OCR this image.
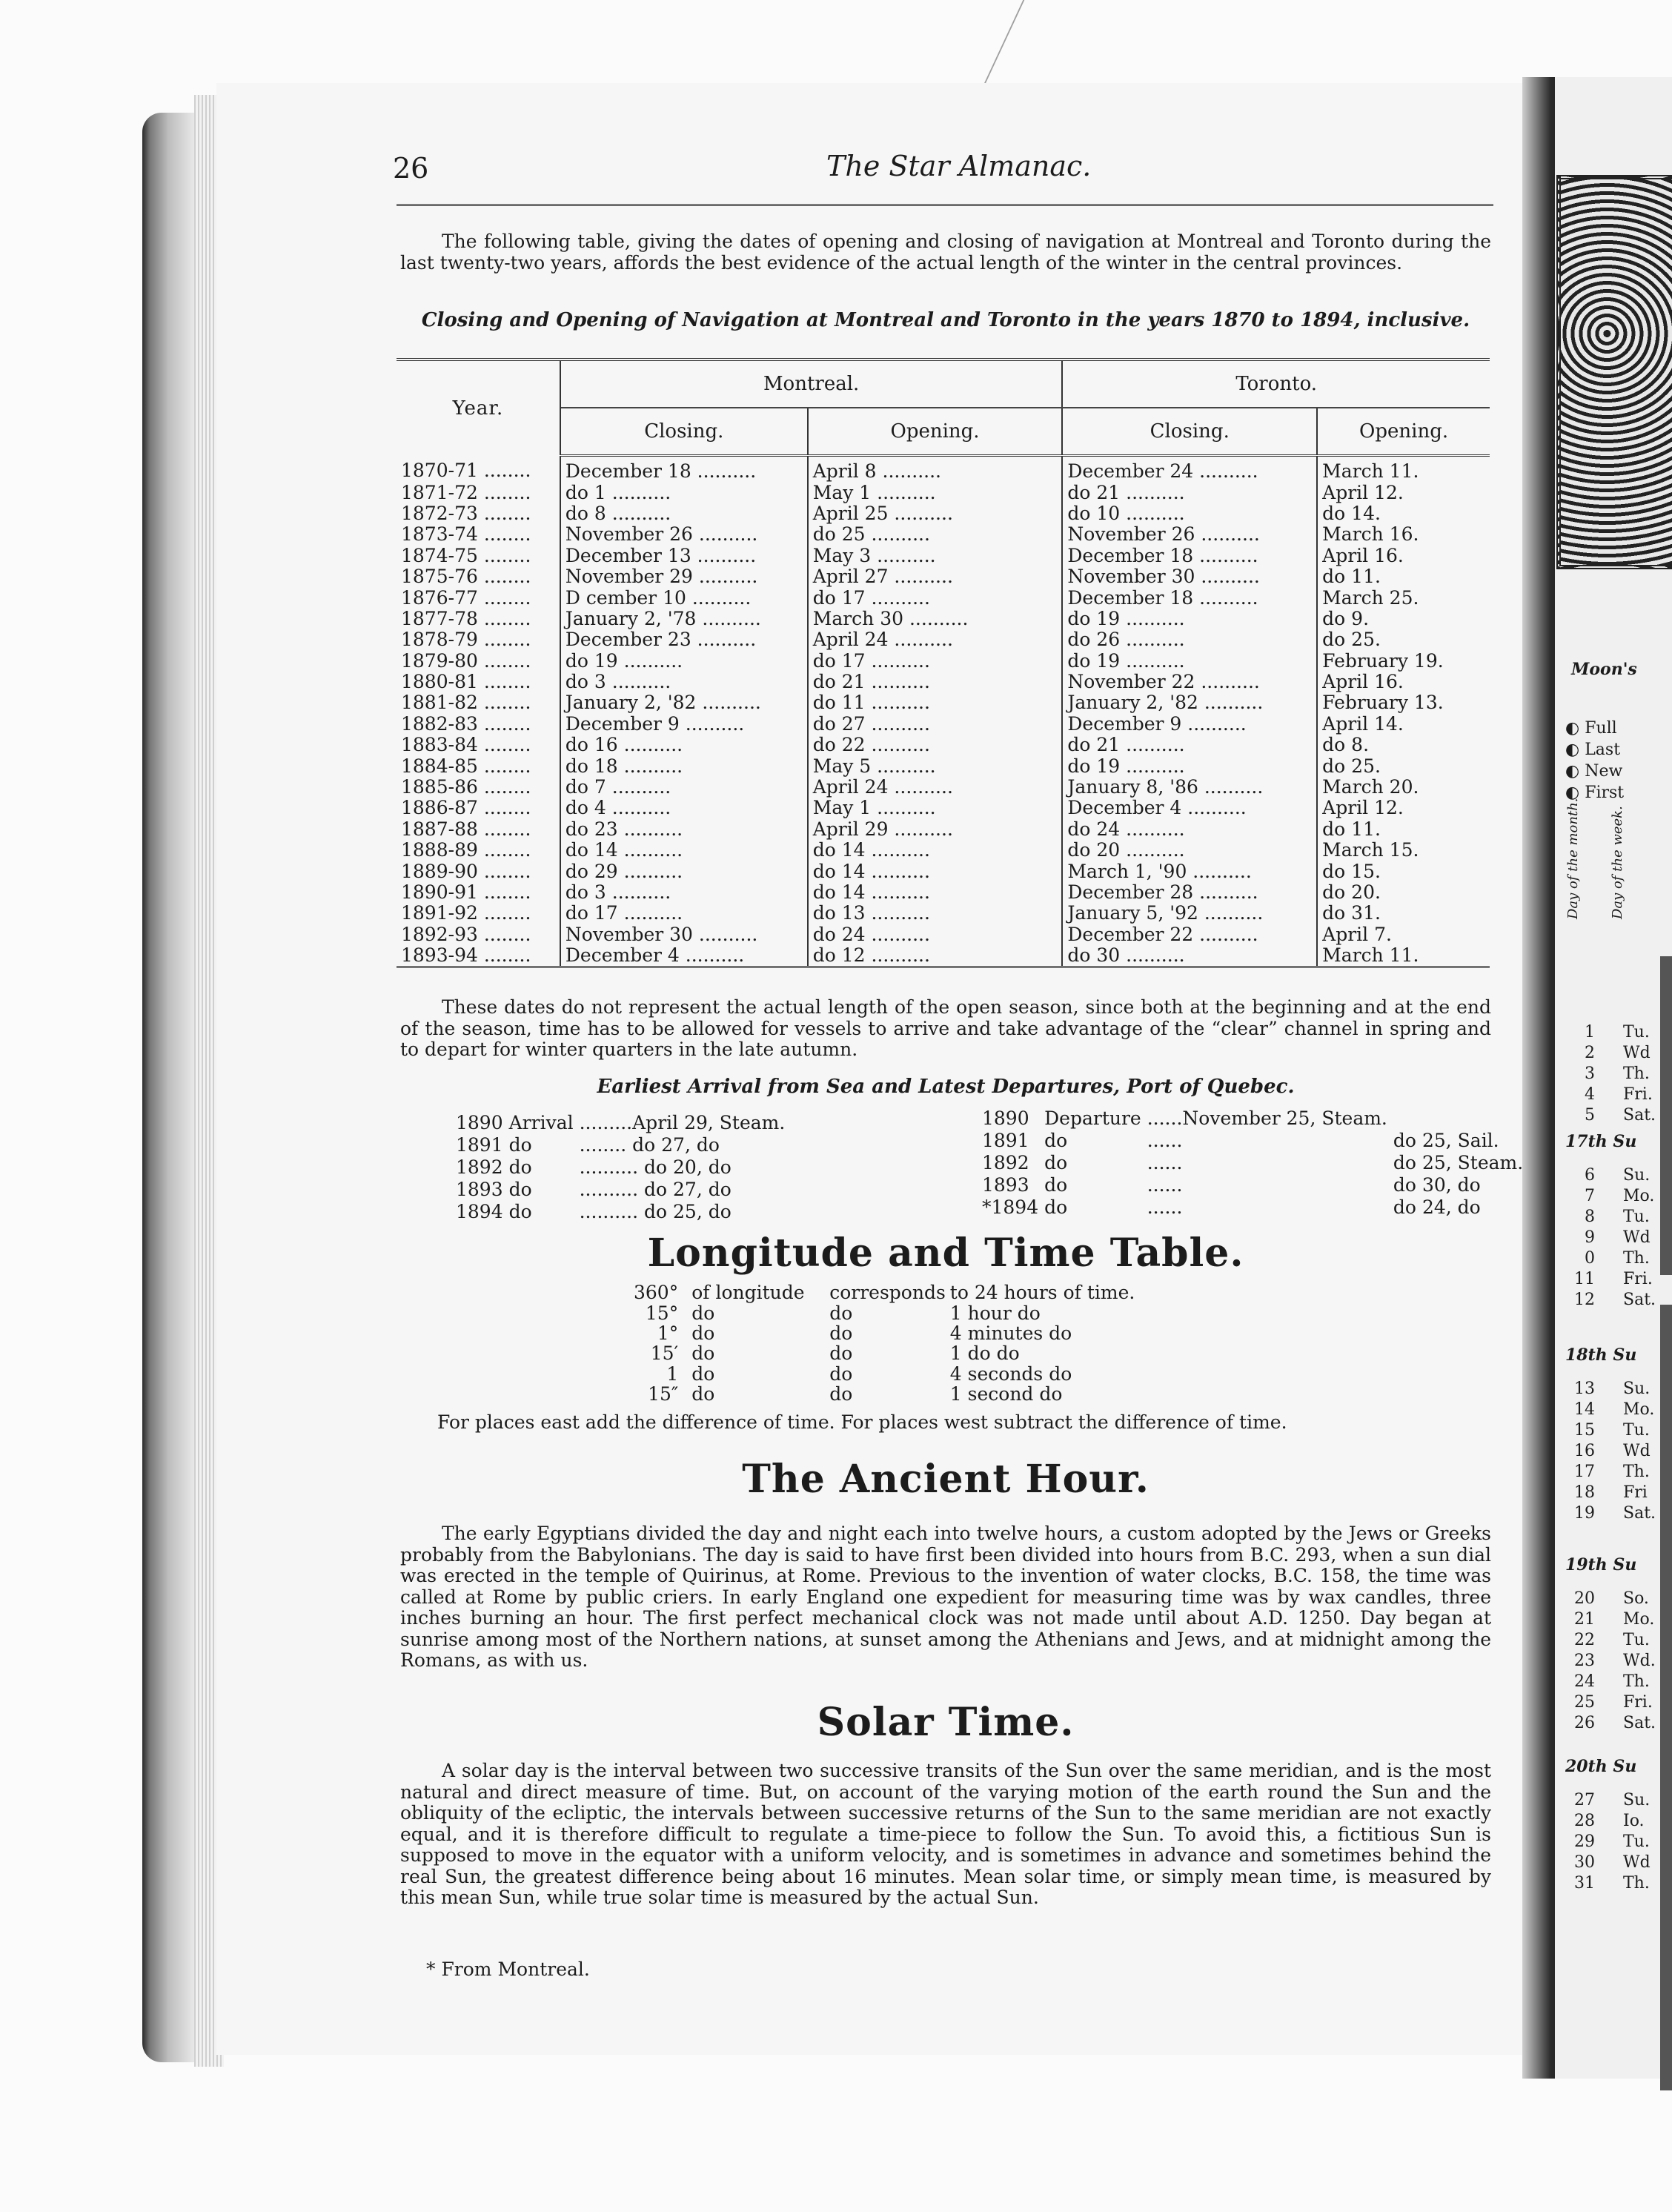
26	The Star Almanac.

The following table, giving the dates of opening and closing of navigation at Montreal and Toronto during the last twenty-two years, affords the best evidence of the actual length of the winter in the central provinces.

Closing and Opening of Navigation at Montreal and Toronto in the years 1870 to 1894, inclusive.

Year.	Montreal.		Toronto.	
	Closing.	Opening.	Closing.	Opening.
1870-71 ........	December 18 ..........	April 8 ..........	December 24 ..........	March 11.
1871-72 ........	do 1 ..........	May 1 ..........	do 21 ..........	April 12.
1872-73 ........	do 8 ..........	April 25 ..........	do 10 ..........	do 14.
1873-74 ........	November 26 ..........	do 25 ..........	November 26 ..........	March 16.
1874-75 ........	December 13 ..........	May 3 ..........	December 18 ..........	April 16.
1875-76 ........	November 29 ..........	April 27 ..........	November 30 ..........	do 11.
1876-77 ........	D cember 10 ..........	do 17 ..........	December 18 ..........	March 25.
1877-78 ........	January 2, '78 ..........	March 30 ..........	do 19 ..........	do 9.
1878-79 ........	December 23 ..........	April 24 ..........	do 26 ..........	do 25.
1879-80 ........	do 19 ..........	do 17 ..........	do 19 ..........	February 19.
1880-81 ........	do 3 ..........	do 21 ..........	November 22 ..........	April 16.
1881-82 ........	January 2, '82 ..........	do 11 ..........	January 2, '82 ..........	February 13.
1882-83 ........	December 9 ..........	do 27 ..........	December 9 ..........	April 14.
1883-84 ........	do 16 ..........	do 22 ..........	do 21 ..........	do 8.
1884-85 ........	do 18 ..........	May 5 ..........	do 19 ..........	do 25.
1885-86 ........	do 7 ..........	April 24 ..........	January 8, '86 ..........	March 20.
1886-87 ........	do 4 ..........	May 1 ..........	December 4 ..........	April 12.
1887-88 ........	do 23 ..........	April 29 ..........	do 24 ..........	do 11.
1888-89 ........	do 14 ..........	do 14 ..........	do 20 ..........	March 15.
1889-90 ........	do 29 ..........	do 14 ..........	March 1, '90 ..........	do 15.
1890-91 ........	do 3 ..........	do 14 ..........	December 28 ..........	do 20.
1891-92 ........	do 17 ..........	do 13 ..........	January 5, '92 ..........	do 31.
1892-93 ........	November 30 ..........	do 24 ..........	December 22 ..........	April 7.
1893-94 ........	December 4 ..........	do 12 ..........	do 30 ..........	March 11.

These dates do not represent the actual length of the open season, since both at the beginning and at the end of the season, time has to be allowed for vessels to arrive and take advantage of the “clear” channel in spring and to depart for winter quarters in the late autumn.

Earliest Arrival from Sea and Latest Departures, Port of Quebec.

1890	Arrival	.........April 29, Steam.
1891	do	........ do 27, do
1892	do	.......... do 20, do
1893	do	.......... do 27, do
1894	do	.......... do 25, do
1890	Departure	......November 25, Steam.		
1891	do	......	do	25, Sail.
1892	do	......	do	25, Steam.
1893	do	......	do	30, do
*1894	do	......	do	24, do
Longitude and Time Table.
360°	of longitude	corresponds	to 24 hours of time.
15°	do	do	1 hour do
1°	do	do	4 minutes do
15′	do	do	1 do do
1	do	do	4 seconds do
15″	do	do	1 second do
For places east add the difference of time. For places west subtract the difference of time.
The Ancient Hour.

The early Egyptians divided the day and night each into twelve hours, a custom adopted by the Jews or Greeks probably from the Babylonians. The day is said to have first been divided into hours from B.C. 293, when a sun dial was erected in the temple of Quirinus, at Rome. Previous to the invention of water clocks, B.C. 158, the time was called at Rome by public criers. In early England one expedient for measuring time was by wax candles, three inches burning an hour. The first perfect mechanical clock was not made until about A.D. 1250. Day began at sunrise among most of the Northern nations, at sunset among the Athenians and Jews, and at midnight among the Romans, as with us.

Solar Time.

A solar day is the interval between two successive transits of the Sun over the same meridian, and is the most natural and direct measure of time. But, on account of the varying motion of the earth round the Sun and the obliquity of the ecliptic, the intervals between successive returns of the Sun to the same meridian are not exactly equal, and it is therefore difficult to regulate a time-piece to follow the Sun. To avoid this, a fictitious Sun is supposed to move in the equator with a uniform velocity, and is sometimes in advance and sometimes behind the real Sun, the greatest difference being about 16 minutes. Mean solar time, or simply mean time, is measured by this mean Sun, while true solar time is measured by the actual Sun.

* From Montreal.
Moon's
◐ Full
◐ Last
◐ New
◐ First
Day of the month. Day of the week.
1 Tu.
2 Wd
3 Th.
4 Fri.
5 Sat.
17th Su
6 Su.
7 Mo.
8 Tu.
9 Wd
0 Th.
11 Fri.
12 Sat.
18th Su
13 Su.
14 Mo.
15 Tu.
16 Wd
17 Th.
18 Fri
19 Sat.
19th Su
20 So.
21 Mo.
22 Tu.
23 Wd.
24 Th.
25 Fri.
26 Sat.
20th Su
27 Su.
28 Io.
29 Tu.
30 Wd
31 Th.
